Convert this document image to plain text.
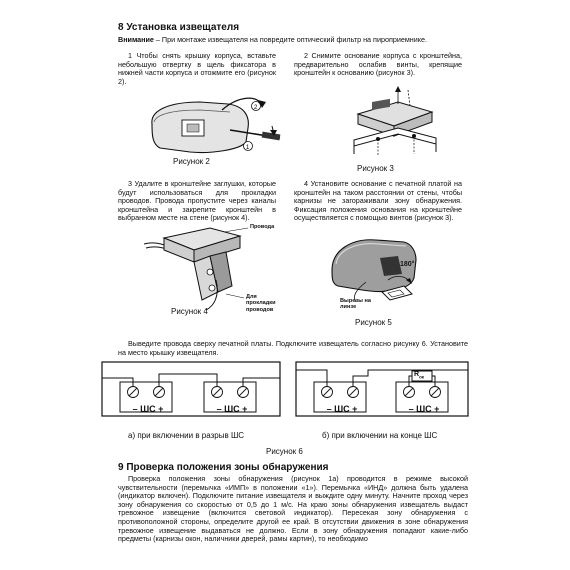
8 Установка извещателя
Внимание – При монтаже извещателя на повредите оптический фильтр на пироприемнике.
1 Чтобы снять крышку корпуса, вставьте небольшую отвертку в щель фиксатора в нижней части корпуса и отожмите его (рисунок 2).
2 Снимите основание корпуса с кронштейна, предварительно ослабив винты, крепящие кронштейн к основанию (рисунок 3).
2
1
Рисунок 2
Рисунок 3
3 Удалите в кронштейне заглушки, которые будут использоваться для прокладки проводов. Провода пропустите через каналы кронштейна и закрепите кронштейн в выбранном месте на стене (рисунок 4).
4 Установите основание с печатной платой на кронштейн на таком расстоянии от стены, чтобы карнизы не загораживали зону обнаружения. Фиксация положения основания на кронштейне осуществляется с помощью винтов (рисунок 3).
Провода
Для прокладки проводов
Рисунок 4
180°
Вырезы на линзе
Рисунок 5
Выведите провода сверху печатной платы. Подключите извещатель согласно рисунку 6. Установите на место крышку извещателя.
– ШС +	– ШС +	– ШС +	– ШС +
$R_{ок}$
а) при включении в разрыв ШС	б) при включении на конце ШС
Рисунок 6
9 Проверка положения зоны обнаружения
Проверка положения зоны обнаружения (рисунок 1а) проводится в режиме высокой чувствительности (перемычка «ИМП» в положении «1»). Перемычка «ИНД» должна быть удалена (индикатор включен). Подключите питание извещателя и выждите одну минуту. Начните проход через зону обнаружения со скоростью от 0,5 до 1 м/с. На краю зоны обнаружения извещатель выдаст тревожное извещение (включится световой индикатор). Пересекая зону обнаружения с противоположной стороны, определите другой ее край. В отсутствии движения в зоне обнаружения тревожное извещение выдаваться не должно. Если в зону обнаружения попадают какие-либо предметы (карнизы окон, наличники дверей, рамы картин), то необходимо
